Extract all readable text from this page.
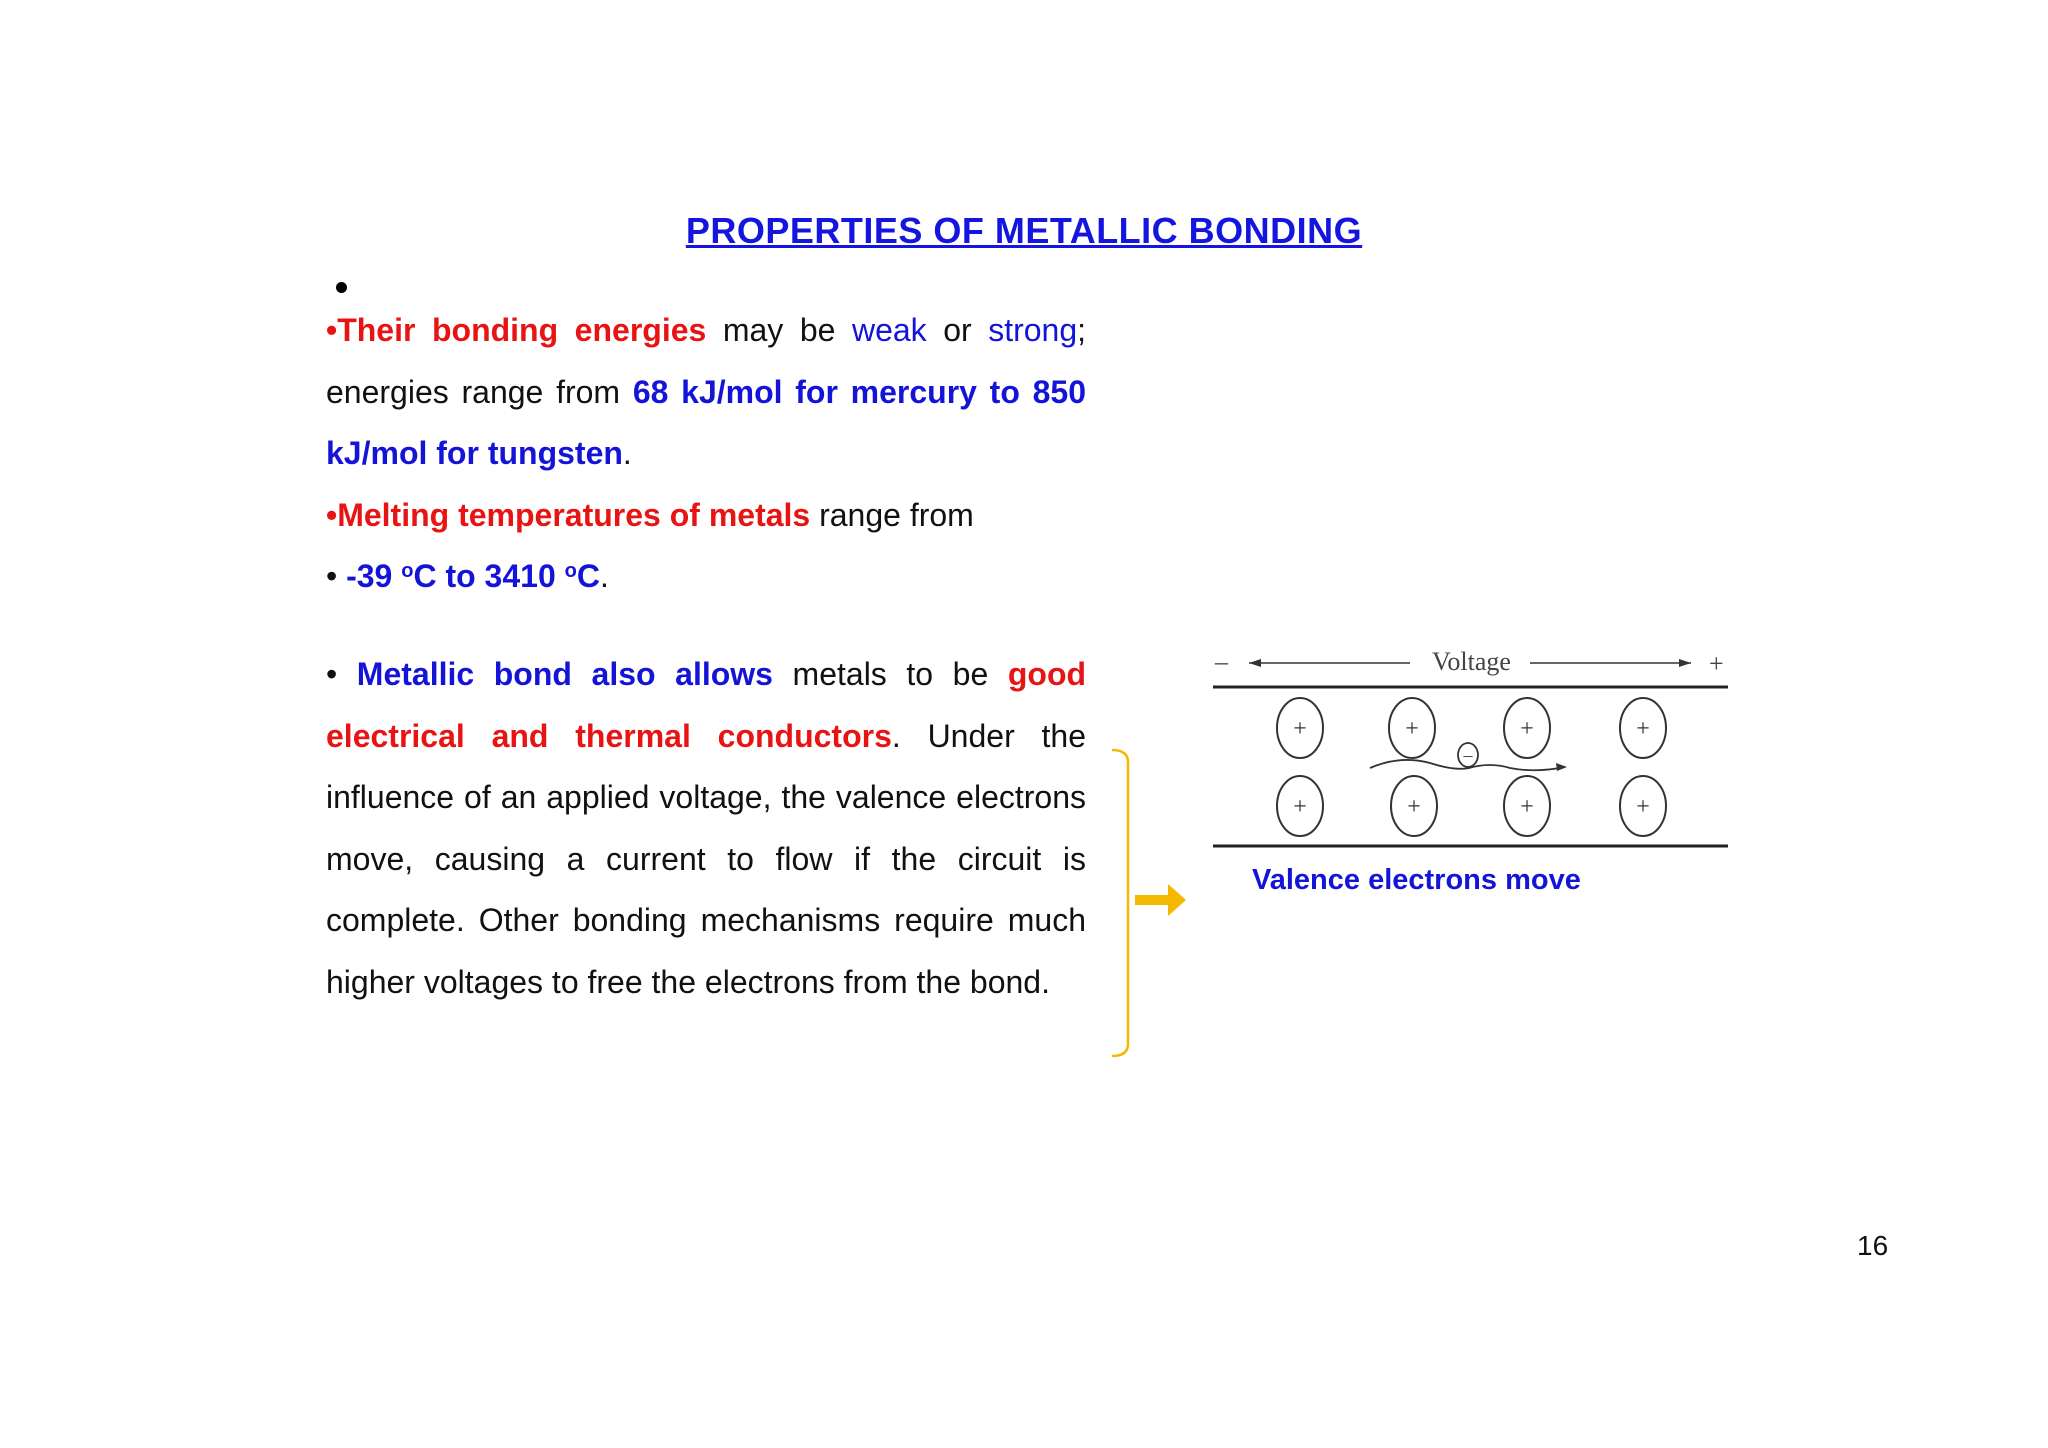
PROPERTIES OF METALLIC BONDING

•Their bonding energies may be weak or strong; energies range from 68 kJ/mol for mercury to 850 kJ/mol for tungsten.

•Melting temperatures of metals range from

• -39 $^o$C to 3410 $^o$C.

• Metallic bond also allows metals to be good electrical and thermal conductors. Under the influence of an applied voltage, the valence electrons move, causing a current to flow if the circuit is complete. Other bonding mechanisms require much higher voltages to free the electrons from the bond.

–	Voltage	+
+	+	+	+
+	+	+	+
–
Valence electrons move
16
